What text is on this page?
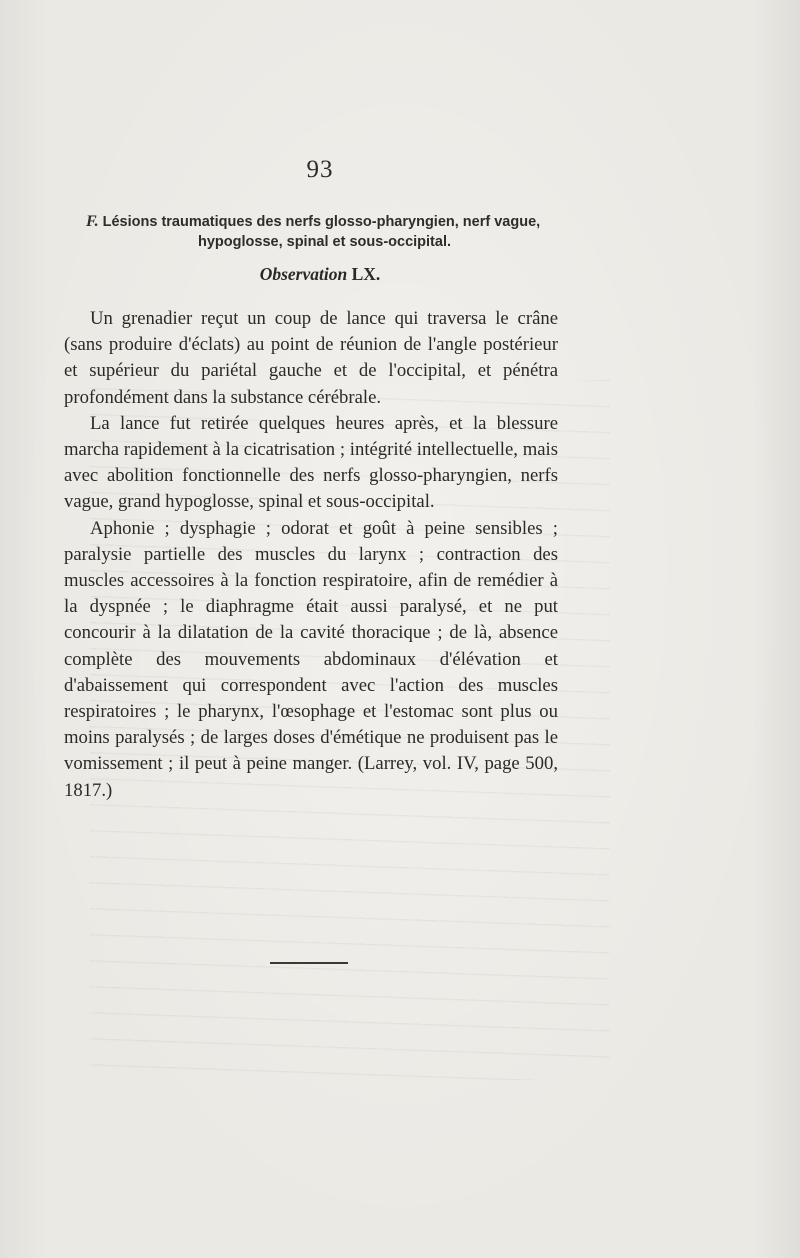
93
F. Lésions traumatiques des nerfs glosso-pharyngien, nerf vague,
hypoglosse, spinal et sous-occipital.
Observation LX.

Un grenadier reçut un coup de lance qui traversa le crâne (sans produire d'éclats) au point de réunion de l'angle postérieur et supérieur du pariétal gauche et de l'occipital, et pénétra profondément dans la substance cérébrale.

La lance fut retirée quelques heures après, et la blessure marcha rapidement à la cicatrisation ; intégrité intellectuelle, mais avec abolition fonctionnelle des nerfs glosso-pharyngien, nerfs vague, grand hypoglosse, spinal et sous-occipital.

Aphonie ; dysphagie ; odorat et goût à peine sensibles ; paralysie partielle des muscles du larynx ; contraction des muscles accessoires à la fonction respiratoire, afin de remédier à la dyspnée ; le diaphragme était aussi paralysé, et ne put concourir à la dilatation de la cavité thoracique ; de là, absence complète des mouvements abdominaux d'élévation et d'abaissement qui correspondent avec l'action des muscles respiratoires ; le pharynx, l'œsophage et l'estomac sont plus ou moins paralysés ; de larges doses d'émétique ne produisent pas le vomissement ; il peut à peine manger. (Larrey, vol. IV, page 500, 1817.)
